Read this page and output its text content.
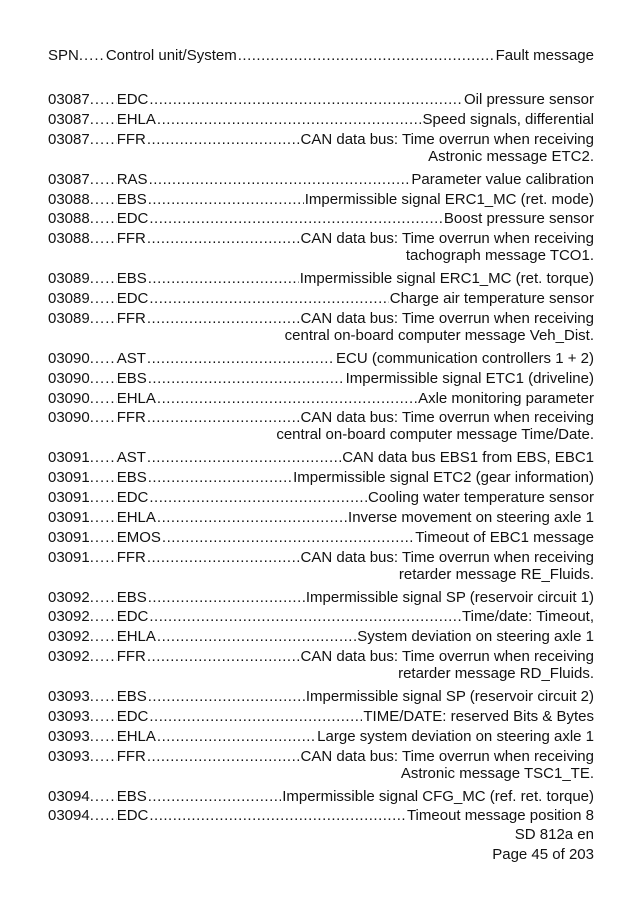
SPN ..... Control unit/System .....	Fault message
03087 ..... EDC .....	Oil pressure sensor
03087 ..... EHLA .....	Speed signals, differential
03087 ..... FFR .....	CAN data bus: Time overrun when receiving
Astronic message ETC2.
03087 ..... RAS .....	Parameter value calibration
03088 ..... EBS .....	Impermissible signal ERC1_MC (ret. mode)
03088 ..... EDC .....	Boost pressure sensor
03088 ..... FFR .....	CAN data bus: Time overrun when receiving
tachograph message TCO1.
03089 ..... EBS .....	Impermissible signal ERC1_MC (ret. torque)
03089 ..... EDC .....	Charge air temperature sensor
03089 ..... FFR .....	CAN data bus: Time overrun when receiving
central on-board computer message Veh_Dist.
03090 ..... AST .....	ECU (communication controllers 1 + 2)
03090 ..... EBS .....	Impermissible signal ETC1 (driveline)
03090 ..... EHLA .....	Axle monitoring parameter
03090 ..... FFR .....	CAN data bus: Time overrun when receiving
central on-board computer message Time/Date.
03091 ..... AST .....	CAN data bus EBS1 from EBS, EBC1
03091 ..... EBS .....	Impermissible signal ETC2 (gear information)
03091 ..... EDC .....	Cooling water temperature sensor
03091 ..... EHLA .....	Inverse movement on steering axle 1
03091 ..... EMOS .....	Timeout of EBC1 message
03091 ..... FFR .....	CAN data bus: Time overrun when receiving
retarder message RE_Fluids.
03092 ..... EBS .....	Impermissible signal SP (reservoir circuit 1)
03092 ..... EDC .....	Time/date: Timeout,
03092 ..... EHLA .....	System deviation on steering axle 1
03092 ..... FFR .....	CAN data bus: Time overrun when receiving
retarder message RD_Fluids.
03093 ..... EBS .....	Impermissible signal SP (reservoir circuit 2)
03093 ..... EDC .....	TIME/DATE: reserved Bits & Bytes
03093 ..... EHLA .....	Large system deviation on steering axle 1
03093 ..... FFR .....	CAN data bus: Time overrun when receiving
Astronic message TSC1_TE.
03094 ..... EBS .....	Impermissible signal CFG_MC (ref. ret. torque)
03094 ..... EDC .....	Timeout message position 8
SD 812a en
Page 45 of 203
